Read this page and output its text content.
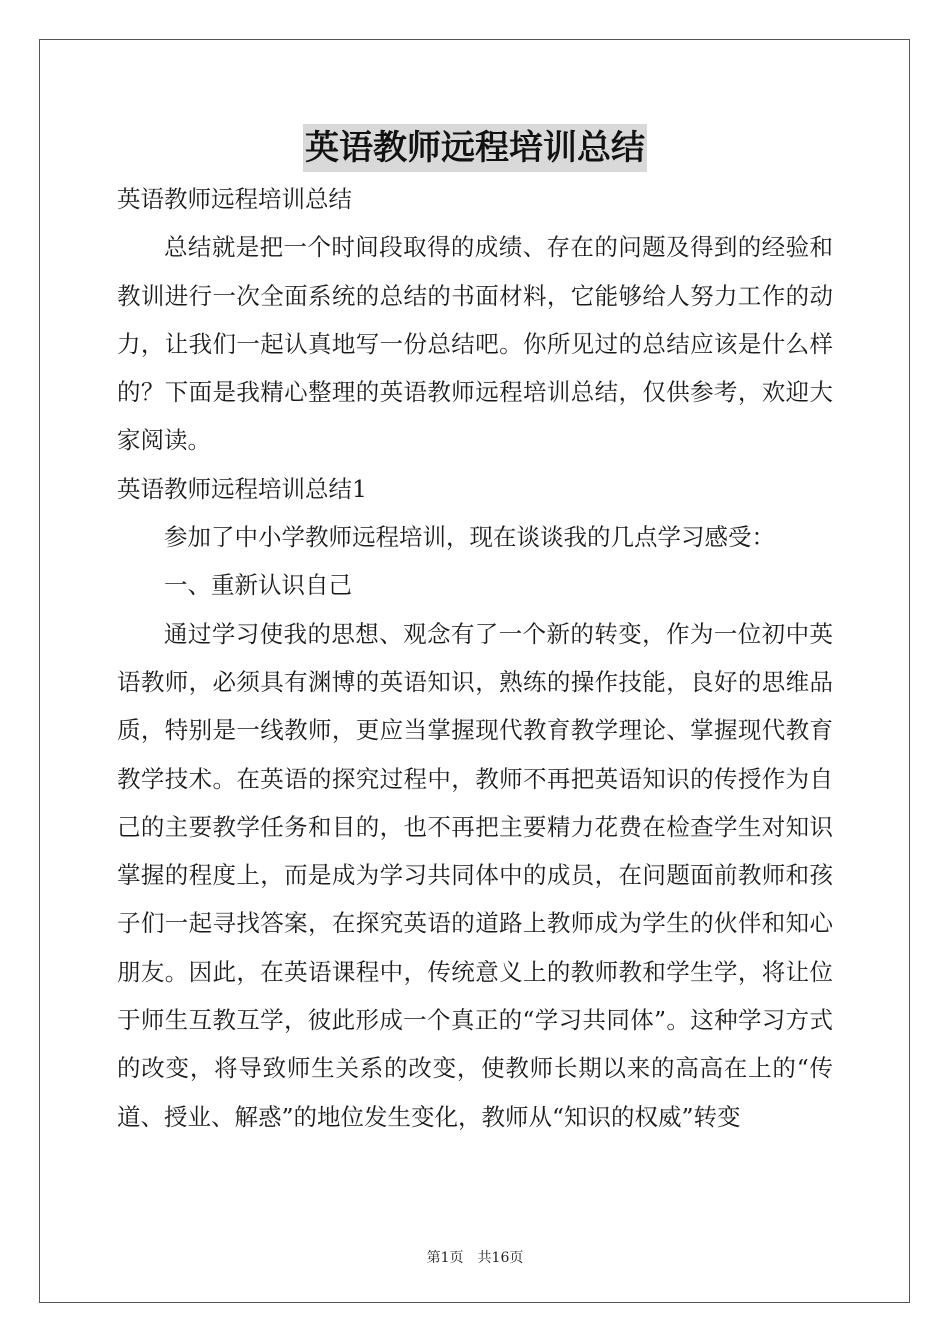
英语教师远程培训总结

英语教师远程培训总结

总结就是把一个时间段取得的成绩、存在的问题及得到的经验和教训进行一次全面系统的总结的书面材料，它能够给人努力工作的动力，让我们一起认真地写一份总结吧。你所见过的总结应该是什么样的？下面是我精心整理的英语教师远程培训总结，仅供参考，欢迎大家阅读。

英语教师远程培训总结1

参加了中小学教师远程培训，现在谈谈我的几点学习感受：

一、重新认识自己

通过学习使我的思想、观念有了一个新的转变，作为一位初中英语教师，必须具有渊博的英语知识，熟练的操作技能，良好的思维品质，特别是一线教师，更应当掌握现代教育教学理论、掌握现代教育教学技术。在英语的探究过程中，教师不再把英语知识的传授作为自己的主要教学任务和目的，也不再把主要精力花费在检查学生对知识掌握的程度上，而是成为学习共同体中的成员，在问题面前教师和孩子们一起寻找答案，在探究英语的道路上教师成为学生的伙伴和知心朋友。因此，在英语课程中，传统意义上的教师教和学生学，将让位于师生互教互学，彼此形成一个真正的“学习共同体”。这种学习方式的改变，将导致师生关系的改变，使教师长期以来的高高在上的“传道、授业、解惑”的地位发生变化，教师从“知识的权威”转变

第1页 共16页
